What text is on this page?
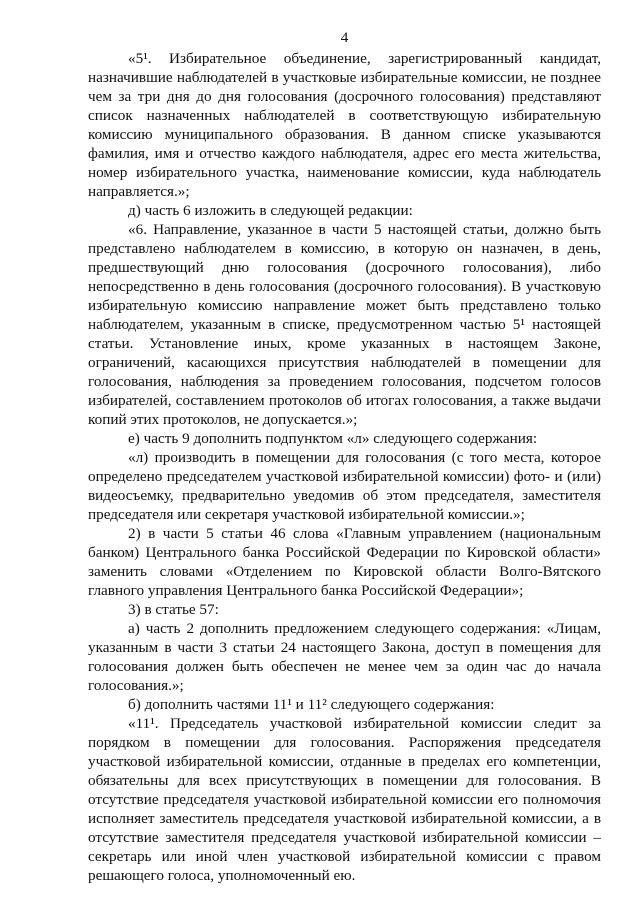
4

«5¹. Избирательное объединение, зарегистрированный кандидат, назначившие наблюдателей в участковые избирательные комиссии, не позднее чем за три дня до дня голосования (досрочного голосования) представляют список назначенных наблюдателей в соответствующую избирательную комиссию муниципального образования. В данном списке указываются фамилия, имя и отчество каждого наблюдателя, адрес его места жительства, номер избирательного участка, наименование комиссии, куда наблюдатель направляется.»;

д) часть 6 изложить в следующей редакции:

«6. Направление, указанное в части 5 настоящей статьи, должно быть представлено наблюдателем в комиссию, в которую он назначен, в день, предшествующий дню голосования (досрочного голосования), либо непосредственно в день голосования (досрочного голосования). В участковую избирательную комиссию направление может быть представлено только наблюдателем, указанным в списке, предусмотренном частью 5¹ настоящей статьи. Установление иных, кроме указанных в настоящем Законе, ограничений, касающихся присутствия наблюдателей в помещении для голосования, наблюдения за проведением голосования, подсчетом голосов избирателей, составлением протоколов об итогах голосования, а также выдачи копий этих протоколов, не допускается.»;

е) часть 9 дополнить подпунктом «л» следующего содержания:

«л) производить в помещении для голосования (с того места, которое определено председателем участковой избирательной комиссии) фото- и (или) видеосъемку, предварительно уведомив об этом председателя, заместителя председателя или секретаря участковой избирательной комиссии.»;

2) в части 5 статьи 46 слова «Главным управлением (национальным банком) Центрального банка Российской Федерации по Кировской области» заменить словами «Отделением по Кировской области Волго-Вятского главного управления Центрального банка Российской Федерации»;

3) в статье 57:

а) часть 2 дополнить предложением следующего содержания: «Лицам, указанным в части 3 статьи 24 настоящего Закона, доступ в помещения для голосования должен быть обеспечен не менее чем за один час до начала голосования.»;

б) дополнить частями 11¹ и 11² следующего содержания:

«11¹. Председатель участковой избирательной комиссии следит за порядком в помещении для голосования. Распоряжения председателя участковой избирательной комиссии, отданные в пределах его компетенции, обязательны для всех присутствующих в помещении для голосования. В отсутствие председателя участковой избирательной комиссии его полномочия исполняет заместитель председателя участковой избирательной комиссии, а в отсутствие заместителя председателя участковой избирательной комиссии – секретарь или иной член участковой избирательной комиссии с правом решающего голоса, уполномоченный ею.
